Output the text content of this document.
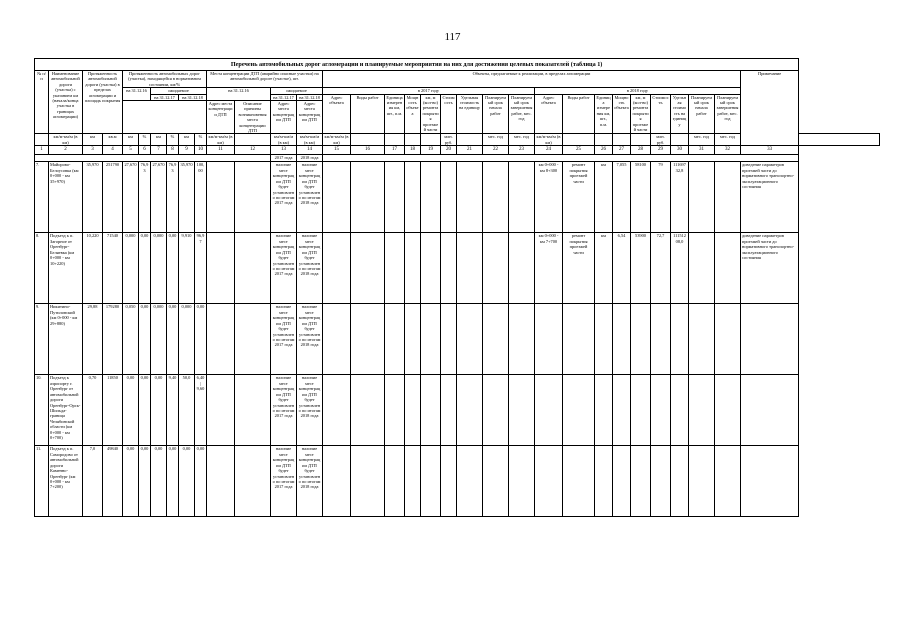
117
Перечень автомобильных дорог агломерации и планируемые мероприятия на них для достижения целевых показателей (таблица 1)																																	
№ п/п	Наименование автомобильной дороги (участка) с указанием км (начала/конца участка в границах агломерации)	Протяженность автомобильной дороги (участка) в пределах агломерации и площадь покрытия		Протяженность автомобильных дорог (участка), находящейся в нормативном состоянии, км/%						Места концентрации ДТП (аварийно опасные участки) на автомобильной дороге (участке), шт.				Объекты, предлагаемые к реализации, в пределах агломерации																		Примечание	
				на 31.12.16		ожидаемое				на 31.12.16		ожидаемое		в 2017 году									в 2018 году										
						на 31.12.17		на 31.12.18				на 31.12.17	на 31.12.18	Адрес объекта	Виды работ	Единица измерения км, шт., п.м.	Мощность объекта	км, м (кол-во) ремонта покрытия проезжей части	Стоимость	Удельная стоимость на единицу	Планируемый срок начала работ	Планируемый срок завершения работ, мес. год	Адрес объекта	Виды работ	Единица измерения км, шт., п.м.	Мощность объекта	км, м (кол-во) ремонта покрытия проезжей части	Стоимость	Удельная стоимость на единицу	Планируемый срок начала работ	Планируемый срок завершения работ, мес. год		
										Адрес места концентрации ДТП	Описание причины возникновения места концентрации ДТП	Адрес места концентрации ДТП	Адрес места концентрации ДТП																				
	км/м-км/м (в км)	км	кв.м	км	%	км	%	км	%	км/м-км/м (в км)		км/м-км/м (в км)	км/м-км/м (в км)	км/м-км/м (в км)					млн. руб.		мес. год	мес. год	км/м-км/м (в км)					млн. руб.		мес. год	мес. год		
1	2	3	4	5	6	7	8	9	10	11	12	13	14	15	16	17	18	19	20	21	22	23	24	25	26	27	28	29	30	31	32	33	
												2017 года	2018 года																				
7.	Майорово-Белоусовка (км 0+000 - км 35+970)	35,970	251790	27,670	76,93	27,670	76,93	35,970	100,00			наличие мест концентрации ДТП будет установлено по итогам 2017 года	наличие мест концентрации ДТП будет установлено по итогам 2018 года										км 0+000 - км 8+300	ремонт покрытия проезжей части	км	7,055	58100	79	11169732,8			доведение параметров проезжей части до нормативного транспортно-эксплуатационного состояния	
8.	Подъезд к п. Загорное от Оренбург-Беляевка (км 0+000 - км 10+220)	10,220	71540	0,000	0,00	0,000	0,00	9,910	96,97			наличие мест концентрации ДТП будет установлено по итогам 2017 года	наличие мест концентрации ДТП будет установлено по итогам 2018 года										км 0+000 - км 7+700	ремонт покрытия проезжей части	км	6,54	53900	72,7	11151208,0			доведение параметров проезжей части до нормативного транспортно-эксплуатационного состояния	
9.	Никитино-Путиловский (км 0+000 - км 29+880)	29,88	179280	0,050	0,00	0,000	0,00	0,000	0,00			наличие мест концентрации ДТП будет установлено по итогам 2017 года	наличие мест концентрации ДТП будет установлено по итогам 2018 года																				
10.	Подъезд к аэропорту г. Оренбург от автомобильной дороги Оренбург-Орск-Шильда-граница Челябинской области (км 0+000 - км 0+700)	0,70	11850	0,00	0,00	0,00	9,40	50,0	6,40 | 9,60			наличие мест концентрации ДТП будет установлено по итогам 2017 года	наличие мест концентрации ДТП будет установлено по итогам 2018 года																				
11.	Подъезд к п. Самородово от автомобильной дороги Каменно-Оренбург (км 0+000 - км 7+200)	7,0	49840	0,00	0,00	0,00	0,00	0,00	0,00			наличие мест концентрации ДТП будет установлено по итогам 2017 года	наличие мест концентрации ДТП будет установлено по итогам 2018 года																				
